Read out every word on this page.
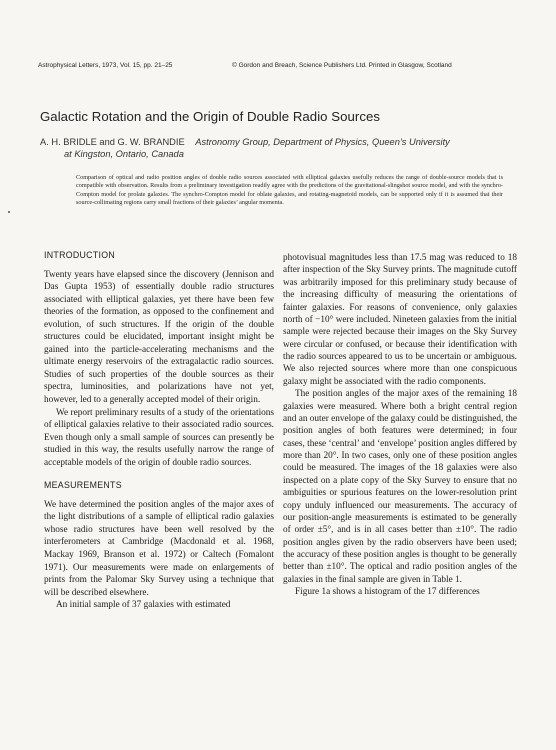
Astrophysical Letters, 1973, Vol. 15, pp. 21–25	© Gordon and Breach, Science Publishers Ltd. Printed in Glasgow, Scotland
Galactic Rotation and the Origin of Double Radio Sources
A. H. BRIDLE and G. W. BRANDIE Astronomy Group, Department of Physics, Queen’s University
at Kingston, Ontario, Canada
Comparison of optical and radio position angles of double radio sources associated with elliptical galaxies usefully reduces the range of double-source models that is compatible with observation. Results from a preliminary investigation readily agree with the predictions of the gravitational-slingshot source model, and with the synchro-Compton model for prolate galaxies. The synchro-Compton model for oblate galaxies, and rotating-magnetoid models, can be supported only if it is assumed that their source-collimating regions carry small fractions of their galaxies’ angular momenta.
INTRODUCTION

Twenty years have elapsed since the discovery (Jennison and Das Gupta 1953) of essentially double radio structures associated with elliptical galaxies, yet there have been few theories of the formation, as opposed to the confinement and evolution, of such structures. If the origin of the double structures could be elucidated, important insight might be gained into the particle-accelerating mechanisms and the ultimate energy reservoirs of the extragalactic radio sources. Studies of such properties of the double sources as their spectra, luminosities, and polarizations have not yet, however, led to a generally accepted model of their origin.

We report preliminary results of a study of the orientations of elliptical galaxies relative to their associated radio sources. Even though only a small sample of sources can presently be studied in this way, the results usefully narrow the range of acceptable models of the origin of double radio sources.

MEASUREMENTS

We have determined the position angles of the major axes of the light distributions of a sample of elliptical radio galaxies whose radio structures have been well resolved by the interferometers at Cambridge (Macdonald et al. 1968, Mackay 1969, Branson et al. 1972) or Caltech (Fomalont 1971). Our measurements were made on enlargements of prints from the Palomar Sky Survey using a technique that will be described elsewhere.

An initial sample of 37 galaxies with estimated

photovisual magnitudes less than 17.5 mag was reduced to 18 after inspection of the Sky Survey prints. The magnitude cutoff was arbitrarily imposed for this preliminary study because of the increasing difficulty of measuring the orientations of fainter galaxies. For reasons of convenience, only galaxies north of −10° were included. Nineteen galaxies from the initial sample were rejected because their images on the Sky Survey were circular or confused, or because their identification with the radio sources appeared to us to be uncertain or ambiguous. We also rejected sources where more than one conspicuous galaxy might be associated with the radio components.

The position angles of the major axes of the remaining 18 galaxies were measured. Where both a bright central region and an outer envelope of the galaxy could be distinguished, the position angles of both features were determined; in four cases, these ‘central’ and ‘envelope’ position angles differed by more than 20°. In two cases, only one of these position angles could be measured. The images of the 18 galaxies were also inspected on a plate copy of the Sky Survey to ensure that no ambiguities or spurious features on the lower-resolution print copy unduly influenced our measurements. The accuracy of our position-angle measurements is estimated to be generally of order ±5°, and is in all cases better than ±10°. The radio position angles given by the radio observers have been used; the accuracy of these position angles is thought to be generally better than ±10°. The optical and radio position angles of the galaxies in the final sample are given in Table 1.

Figure 1a shows a histogram of the 17 differences
